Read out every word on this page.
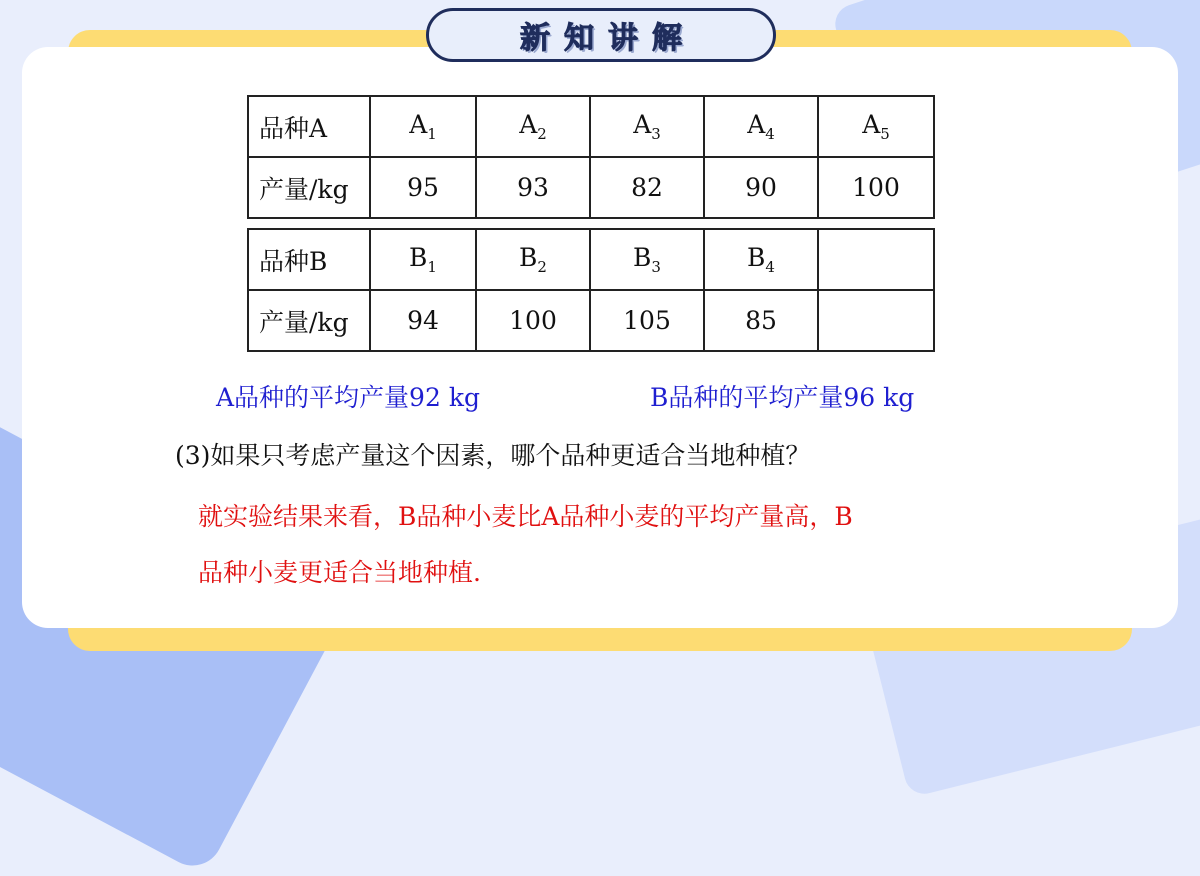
新知讲解
品种A	$A_1$	$A_2$	$A_3$	$A_4$	$A_5$
产量/kg	95	93	82	90	100
品种B	$B_1$	$B_2$	$B_3$	$B_4$	
产量/kg	94	100	105	85	
A品种的平均产量92 kg	B品种的平均产量96 kg
(3)如果只考虑产量这个因素，哪个品种更适合当地种植？
就实验结果来看，B品种小麦比A品种小麦的平均产量高，B
品种小麦更适合当地种植.
